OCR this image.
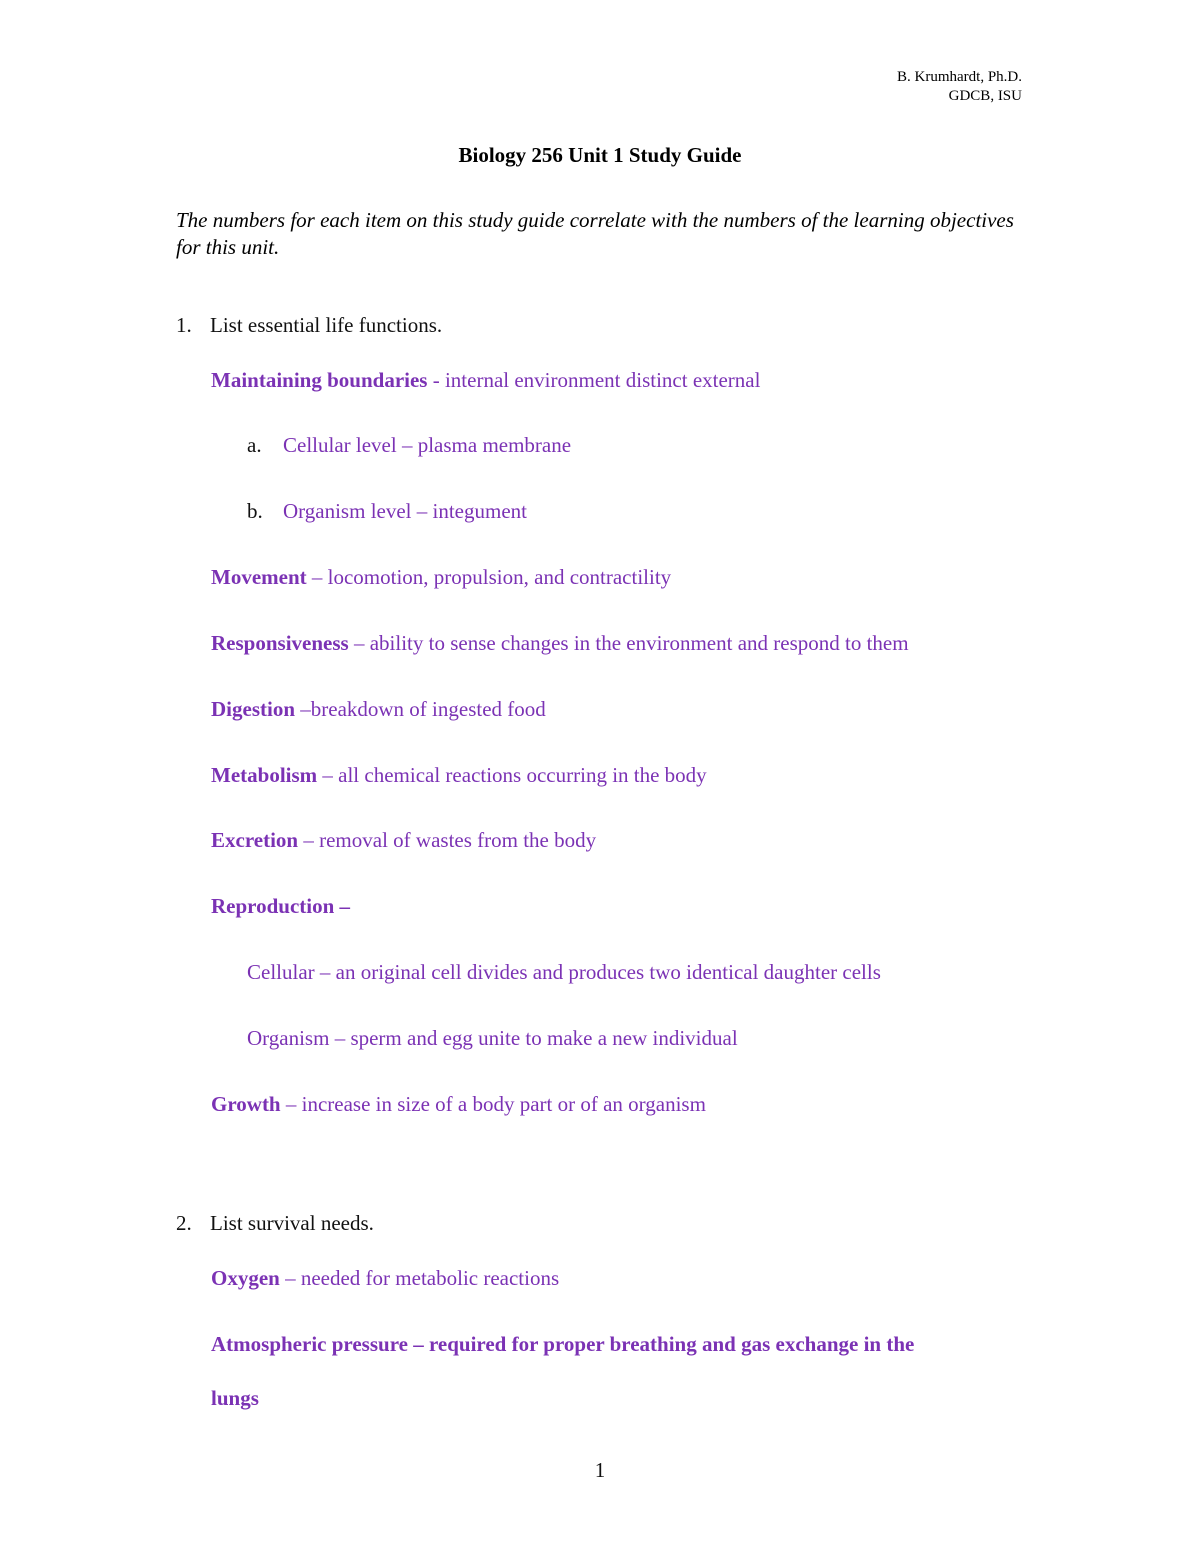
B. Krumhardt, Ph.D.
GDCB, ISU
Biology 256 Unit 1 Study Guide
The numbers for each item on this study guide correlate with the numbers of the learning objectives for this unit.
1. List essential life functions.
Maintaining boundaries - internal environment distinct external
a. Cellular level – plasma membrane
b. Organism level – integument
Movement – locomotion, propulsion, and contractility
Responsiveness – ability to sense changes in the environment and respond to them
Digestion –breakdown of ingested food
Metabolism – all chemical reactions occurring in the body
Excretion – removal of wastes from the body
Reproduction –
Cellular – an original cell divides and produces two identical daughter cells
Organism – sperm and egg unite to make a new individual
Growth – increase in size of a body part or of an organism
2. List survival needs.
Oxygen – needed for metabolic reactions
Atmospheric pressure – required for proper breathing and gas exchange in the
lungs
1
